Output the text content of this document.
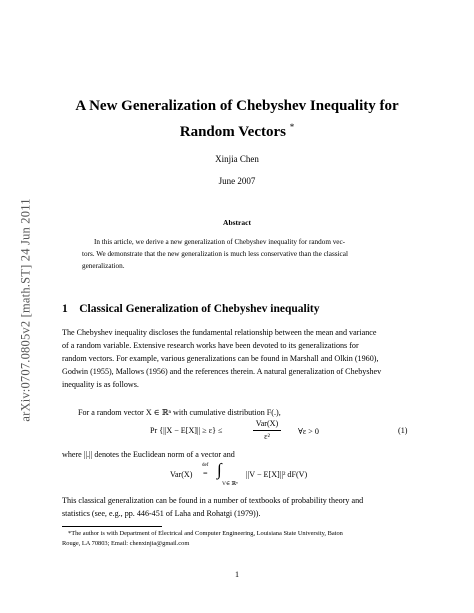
arXiv:0707.0805v2 [math.ST] 24 Jun 2011
A New Generalization of Chebyshev Inequality for
Random Vectors *
Xinjia Chen
June 2007
Abstract
In this article, we derive a new generalization of Chebyshev inequality for random vec-
tors. We demonstrate that the new generalization is much less conservative than the classical
generalization.
1 Classical Generalization of Chebyshev inequality
The Chebyshev inequality discloses the fundamental relationship between the mean and variance
of a random variable. Extensive research works have been devoted to its generalizations for
random vectors. For example, various generalizations can be found in Marshall and Olkin (1960),
Godwin (1955), Mallows (1956) and the references therein. A natural generalization of Chebyshev
inequality is as follows.
For a random vector X ∈ ℝⁿ with cumulative distribution F(.),
Pr {||X − E[X]|| ≥ ε} ≤
Var(X)
ε²
∀ε > 0	(1)
where ||.|| denotes the Euclidean norm of a vector and
Var(X)
def
= ∫
V∈ ℝⁿ
||V − E[X]||² dF(V)
This classical generalization can be found in a number of textbooks of probability theory and
statistics (see, e.g., pp. 446-451 of Laha and Rohatgi (1979)).
*The author is with Department of Electrical and Computer Engineering, Louisiana State University, Baton
Rouge, LA 70803; Email: chenxinjia@gmail.com
1
